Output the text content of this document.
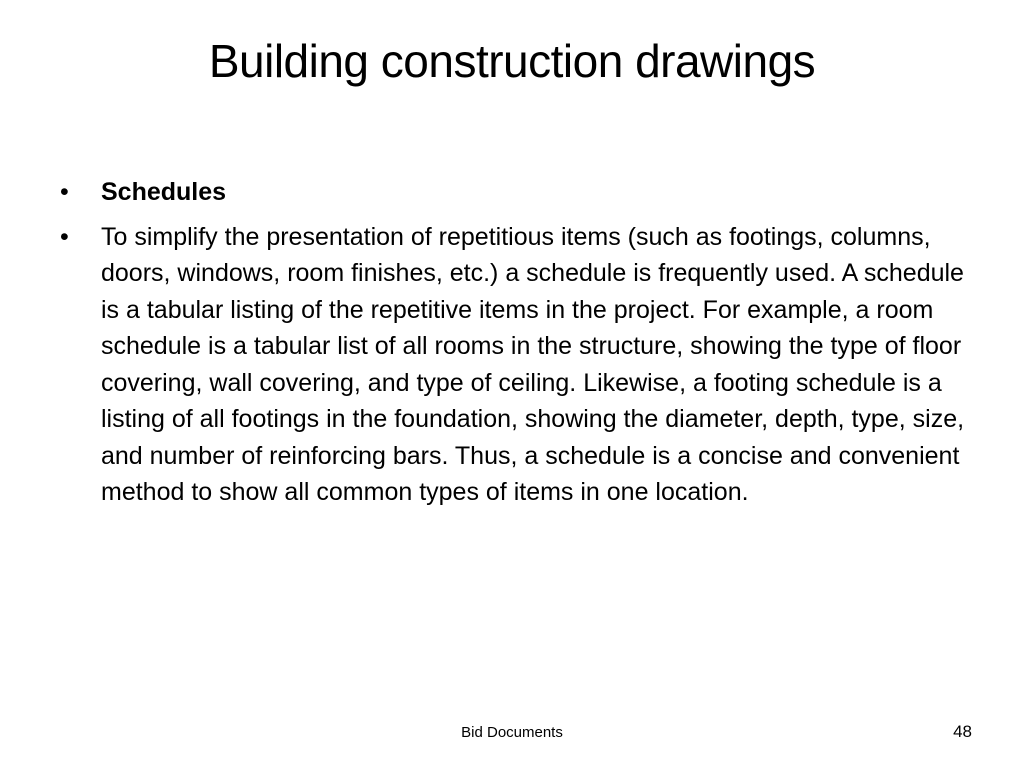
Building construction drawings
• Schedules
• To simplify the presentation of repetitious items (such as footings, columns, doors, windows, room finishes, etc.) a schedule is frequently used. A schedule is a tabular listing of the repetitive items in the project. For example, a room schedule is a tabular list of all rooms in the structure, showing the type of floor covering, wall covering, and type of ceiling. Likewise, a footing schedule is a listing of all footings in the foundation, showing the diameter, depth, type, size, and number of reinforcing bars. Thus, a schedule is a concise and convenient method to show all common types of items in one location.
Bid Documents	48
